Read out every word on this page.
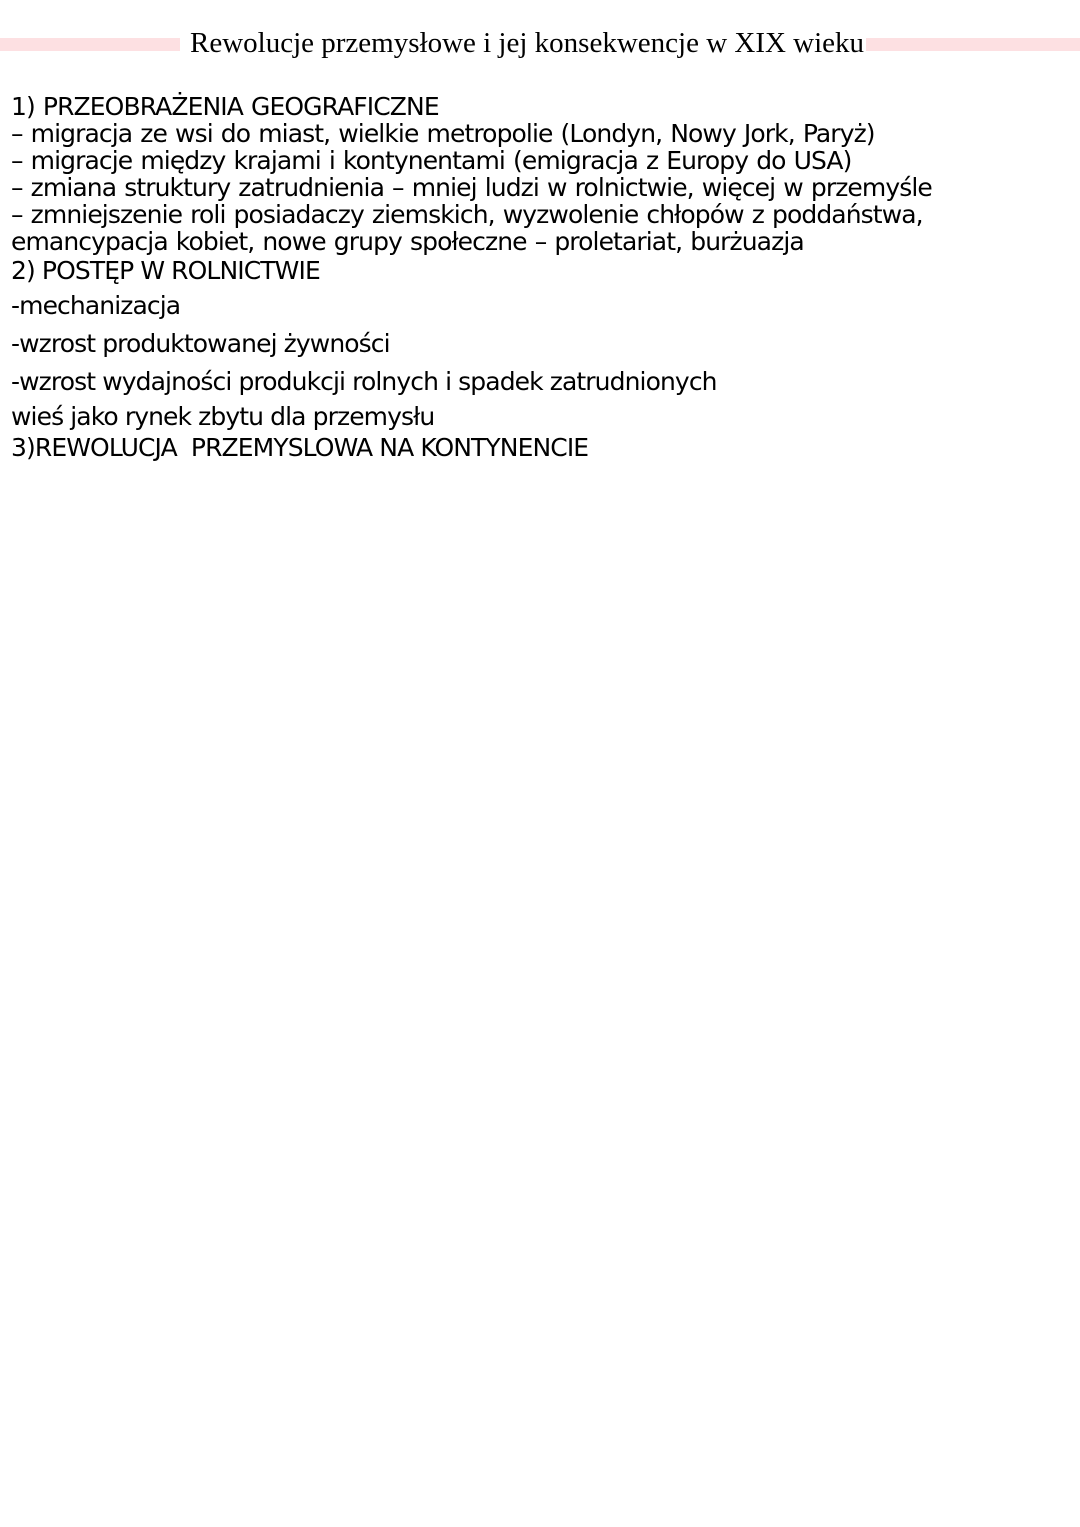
Rewolucje przemysłowe i jej konsekwencje w XIX wieku
1) PRZEOBRAŻENIA GEOGRAFICZNE
– migracja ze wsi do miast, wielkie metropolie (Londyn, Nowy Jork, Paryż)
– migracje między krajami i kontynentami (emigracja z Europy do USA)
– zmiana struktury zatrudnienia – mniej ludzi w rolnictwie, więcej w przemyśle
– zmniejszenie roli posiadaczy ziemskich, wyzwolenie chłopów z poddaństwa,
emancypacja kobiet, nowe grupy społeczne – proletariat, burżuazja
2) POSTĘP W ROLNICTWIE
-mechanizacja
-wzrost produktowanej żywności
-wzrost wydajności produkcji rolnych i spadek zatrudnionych
wieś jako rynek zbytu dla przemysłu
3)REWOLUCJA  PRZEMYSLOWA NA KONTYNENCIE
